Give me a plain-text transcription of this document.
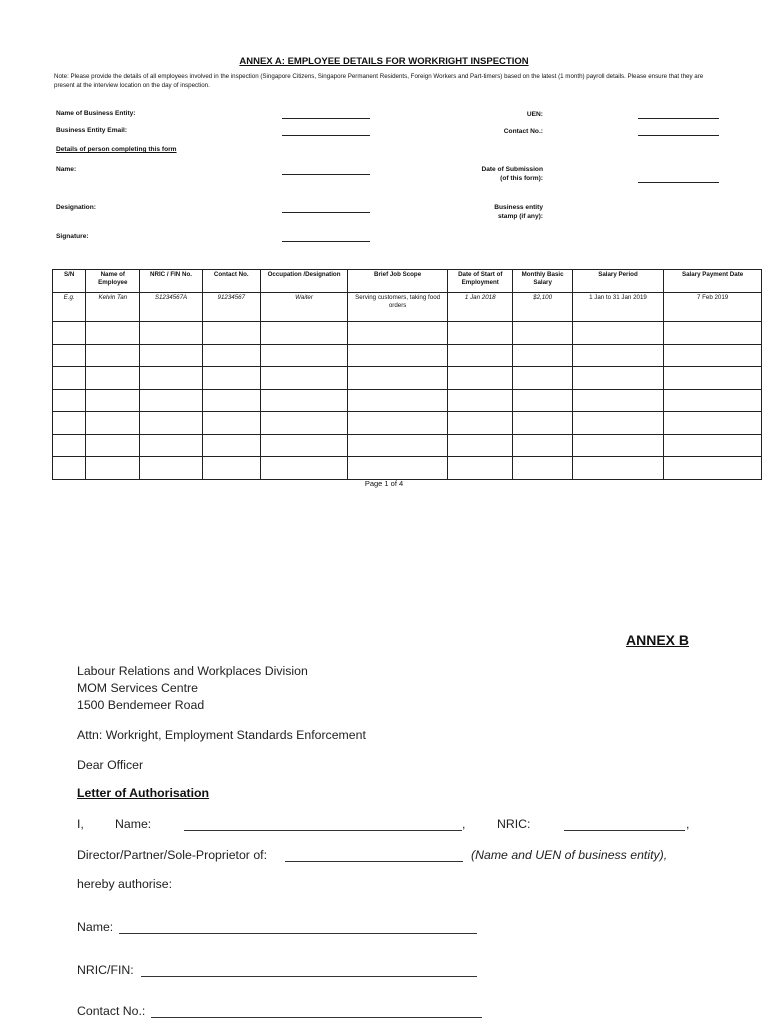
ANNEX A: EMPLOYEE DETAILS FOR WORKRIGHT INSPECTION
Note: Please provide the details of all employees involved in the inspection (Singapore Citizens, Singapore Permanent Residents, Foreign Workers and Part-timers) based on the latest (1 month) payroll details. Please ensure that they are present at the interview location on the day of inspection.
Name of Business Entity:
Business Entity Email:
Details of person completing this form
Name:
Designation:
Signature:
UEN:
Contact No.:
Date of Submission (of this form):
Business entity stamp (if any):
S/N	Name of Employee	NRIC / FIN No.	Contact No.	Occupation /Designation	Brief Job Scope	Date of Start of Employment	Monthly Basic Salary	Salary Period	Salary Payment Date
E.g.	Kelvin Tan	S1234567A	91234567	Waiter	Serving customers, taking food orders	1 Jan 2018	$2,100	1 Jan to 31 Jan 2019	7 Feb 2019

Page 1 of 4
ANNEX B
Labour Relations and Workplaces Division
MOM Services Centre
1500 Bendemeer Road
Attn: Workright, Employment Standards Enforcement
Dear Officer
Letter of Authorisation
I,	Name:	,	NRIC:	,
Director/Partner/Sole-Proprietor of:	(Name and UEN of business entity),
hereby authorise:
Name:
NRIC/FIN:
Contact No.:
